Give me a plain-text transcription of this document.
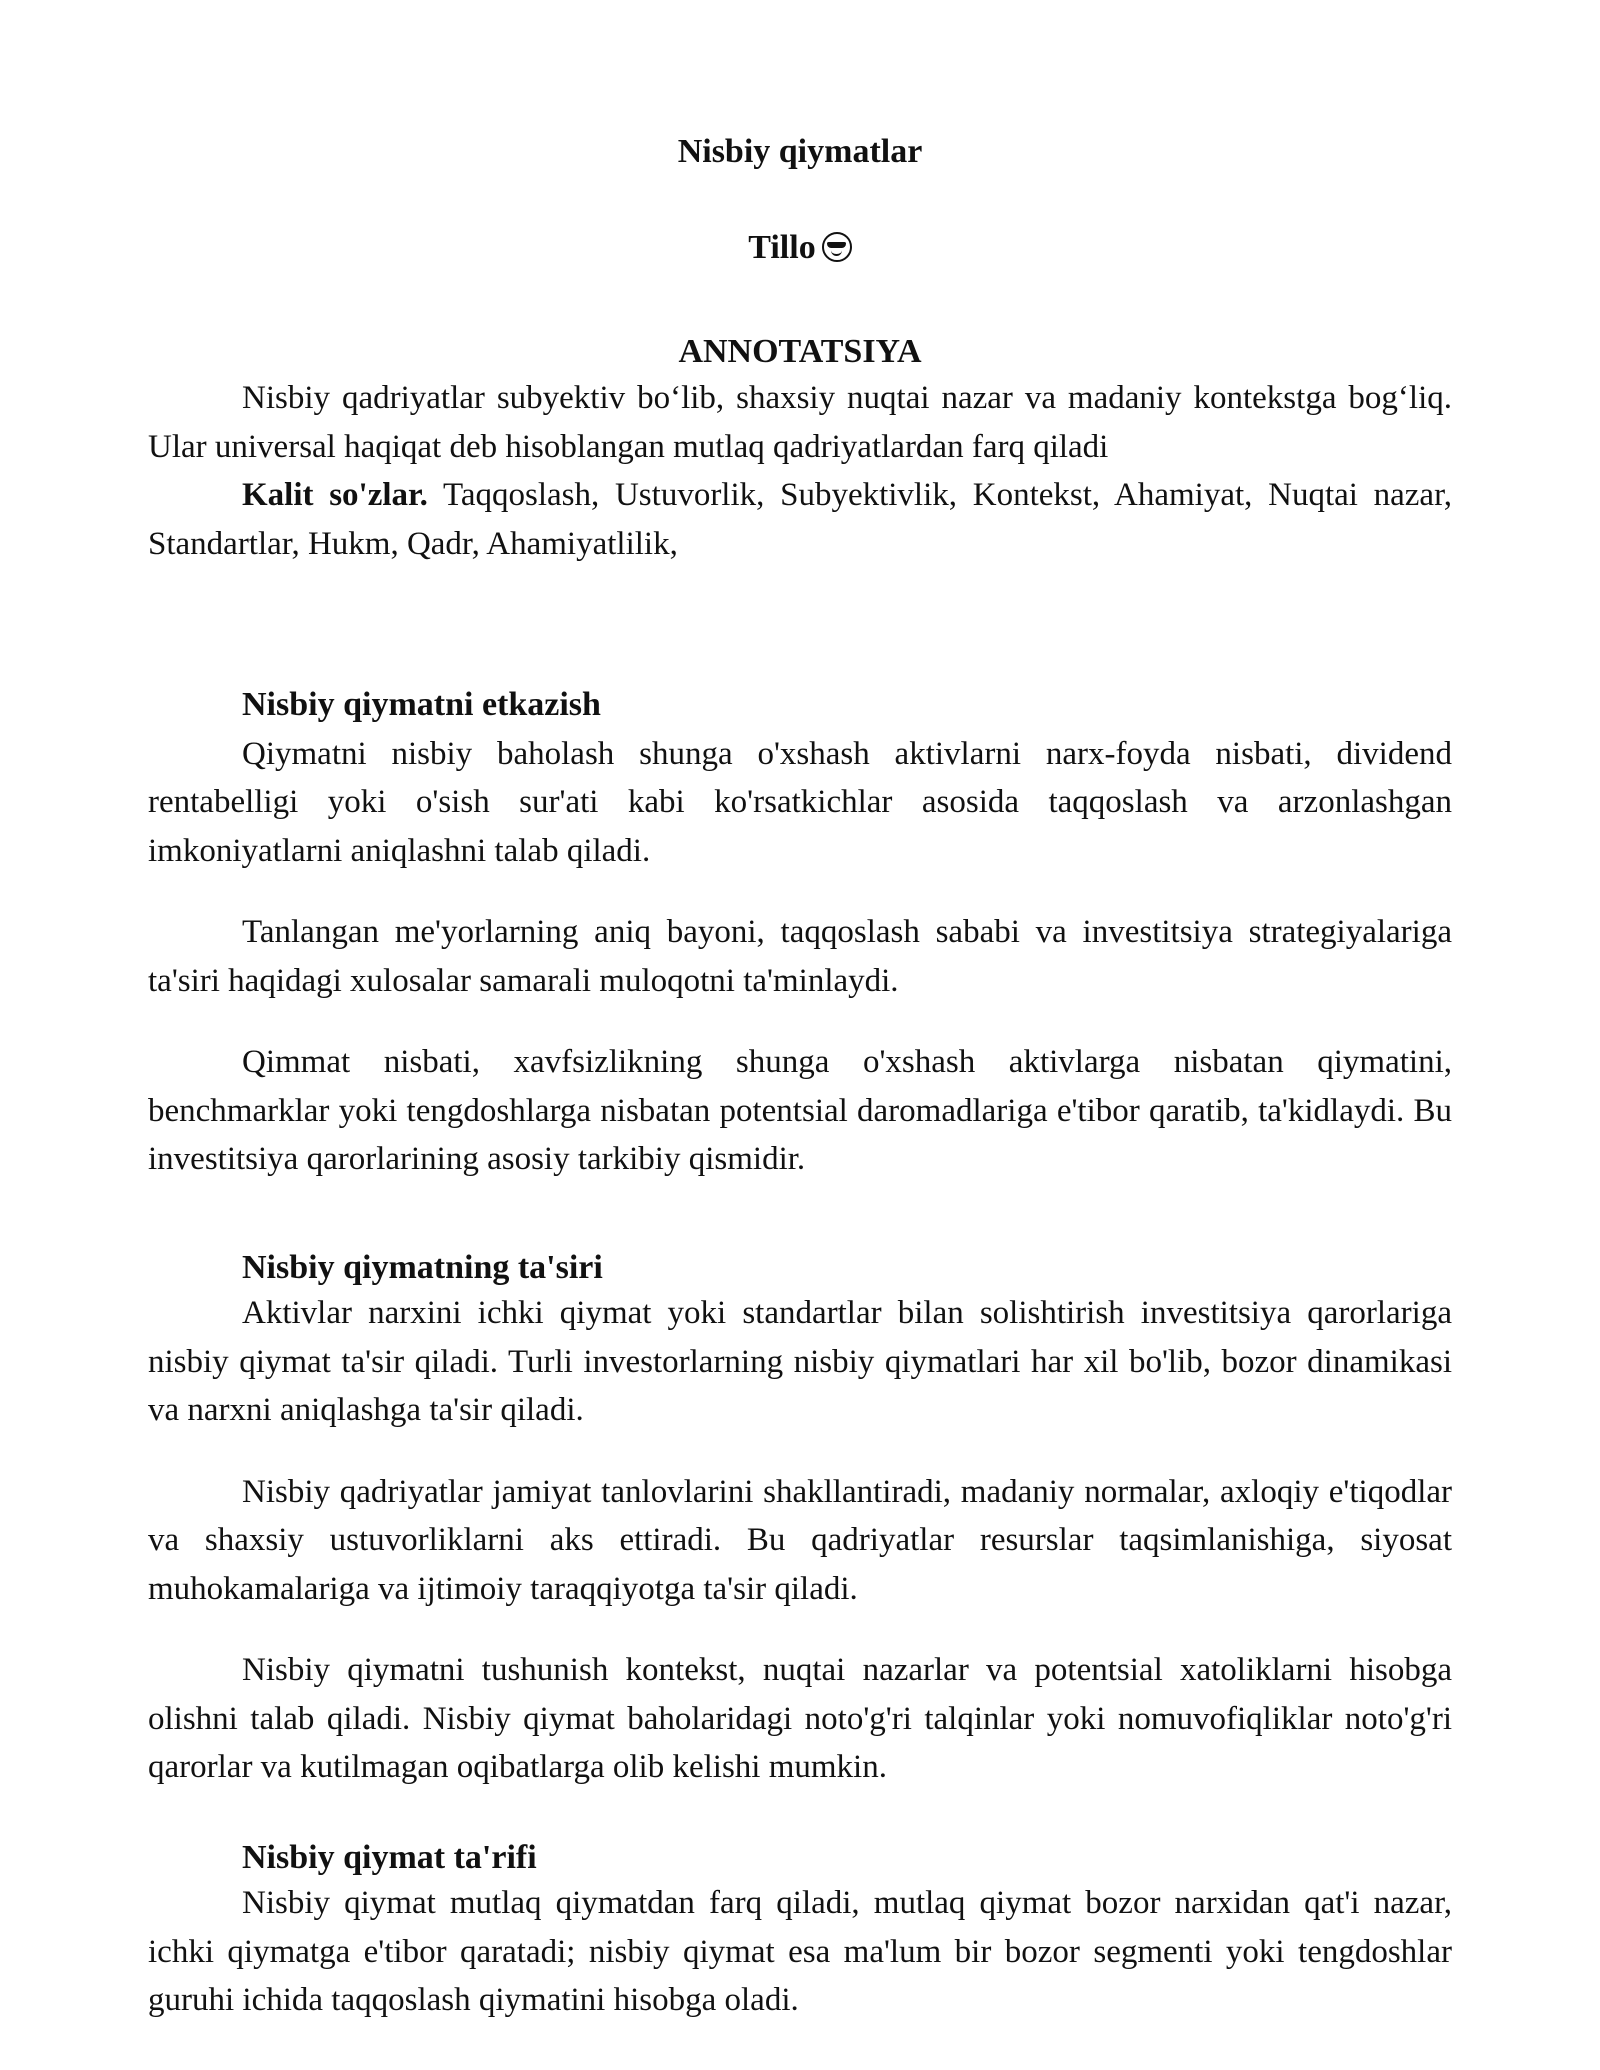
Nisbiy qiymatlar
Tillo
ANNOTATSIYA

Nisbiy qadriyatlar subyektiv bo‘lib, shaxsiy nuqtai nazar va madaniy kontekstga bog‘liq. Ular universal haqiqat deb hisoblangan mutlaq qadriyatlardan farq qiladi

Kalit so'zlar. Taqqoslash, Ustuvorlik, Subyektivlik, Kontekst, Ahamiyat, Nuqtai nazar, Standartlar, Hukm, Qadr, Ahamiyatlilik,

Nisbiy qiymatni etkazish

Qiymatni nisbiy baholash shunga o'xshash aktivlarni narx-foyda nisbati, dividend rentabelligi yoki o'sish sur'ati kabi ko'rsatkichlar asosida taqqoslash va arzonlashgan imkoniyatlarni aniqlashni talab qiladi.

Tanlangan me'yorlarning aniq bayoni, taqqoslash sababi va investitsiya strategiyalariga ta'siri haqidagi xulosalar samarali muloqotni ta'minlaydi.

Qimmat nisbati, xavfsizlikning shunga o'xshash aktivlarga nisbatan qiymatini, benchmarklar yoki tengdoshlarga nisbatan potentsial daromadlariga e'tibor qaratib, ta'kidlaydi. Bu investitsiya qarorlarining asosiy tarkibiy qismidir.

Nisbiy qiymatning ta'siri

Aktivlar narxini ichki qiymat yoki standartlar bilan solishtirish investitsiya qarorlariga nisbiy qiymat ta'sir qiladi. Turli investorlarning nisbiy qiymatlari har xil bo'lib, bozor dinamikasi va narxni aniqlashga ta'sir qiladi.

Nisbiy qadriyatlar jamiyat tanlovlarini shakllantiradi, madaniy normalar, axloqiy e'tiqodlar va shaxsiy ustuvorliklarni aks ettiradi. Bu qadriyatlar resurslar taqsimlanishiga, siyosat muhokamalariga va ijtimoiy taraqqiyotga ta'sir qiladi.

Nisbiy qiymatni tushunish kontekst, nuqtai nazarlar va potentsial xatoliklarni hisobga olishni talab qiladi. Nisbiy qiymat baholaridagi noto'g'ri talqinlar yoki nomuvofiqliklar noto'g'ri qarorlar va kutilmagan oqibatlarga olib kelishi mumkin.

Nisbiy qiymat ta'rifi

Nisbiy qiymat mutlaq qiymatdan farq qiladi, mutlaq qiymat bozor narxidan qat'i nazar, ichki qiymatga e'tibor qaratadi; nisbiy qiymat esa ma'lum bir bozor segmenti yoki tengdoshlar guruhi ichida taqqoslash qiymatini hisobga oladi.
